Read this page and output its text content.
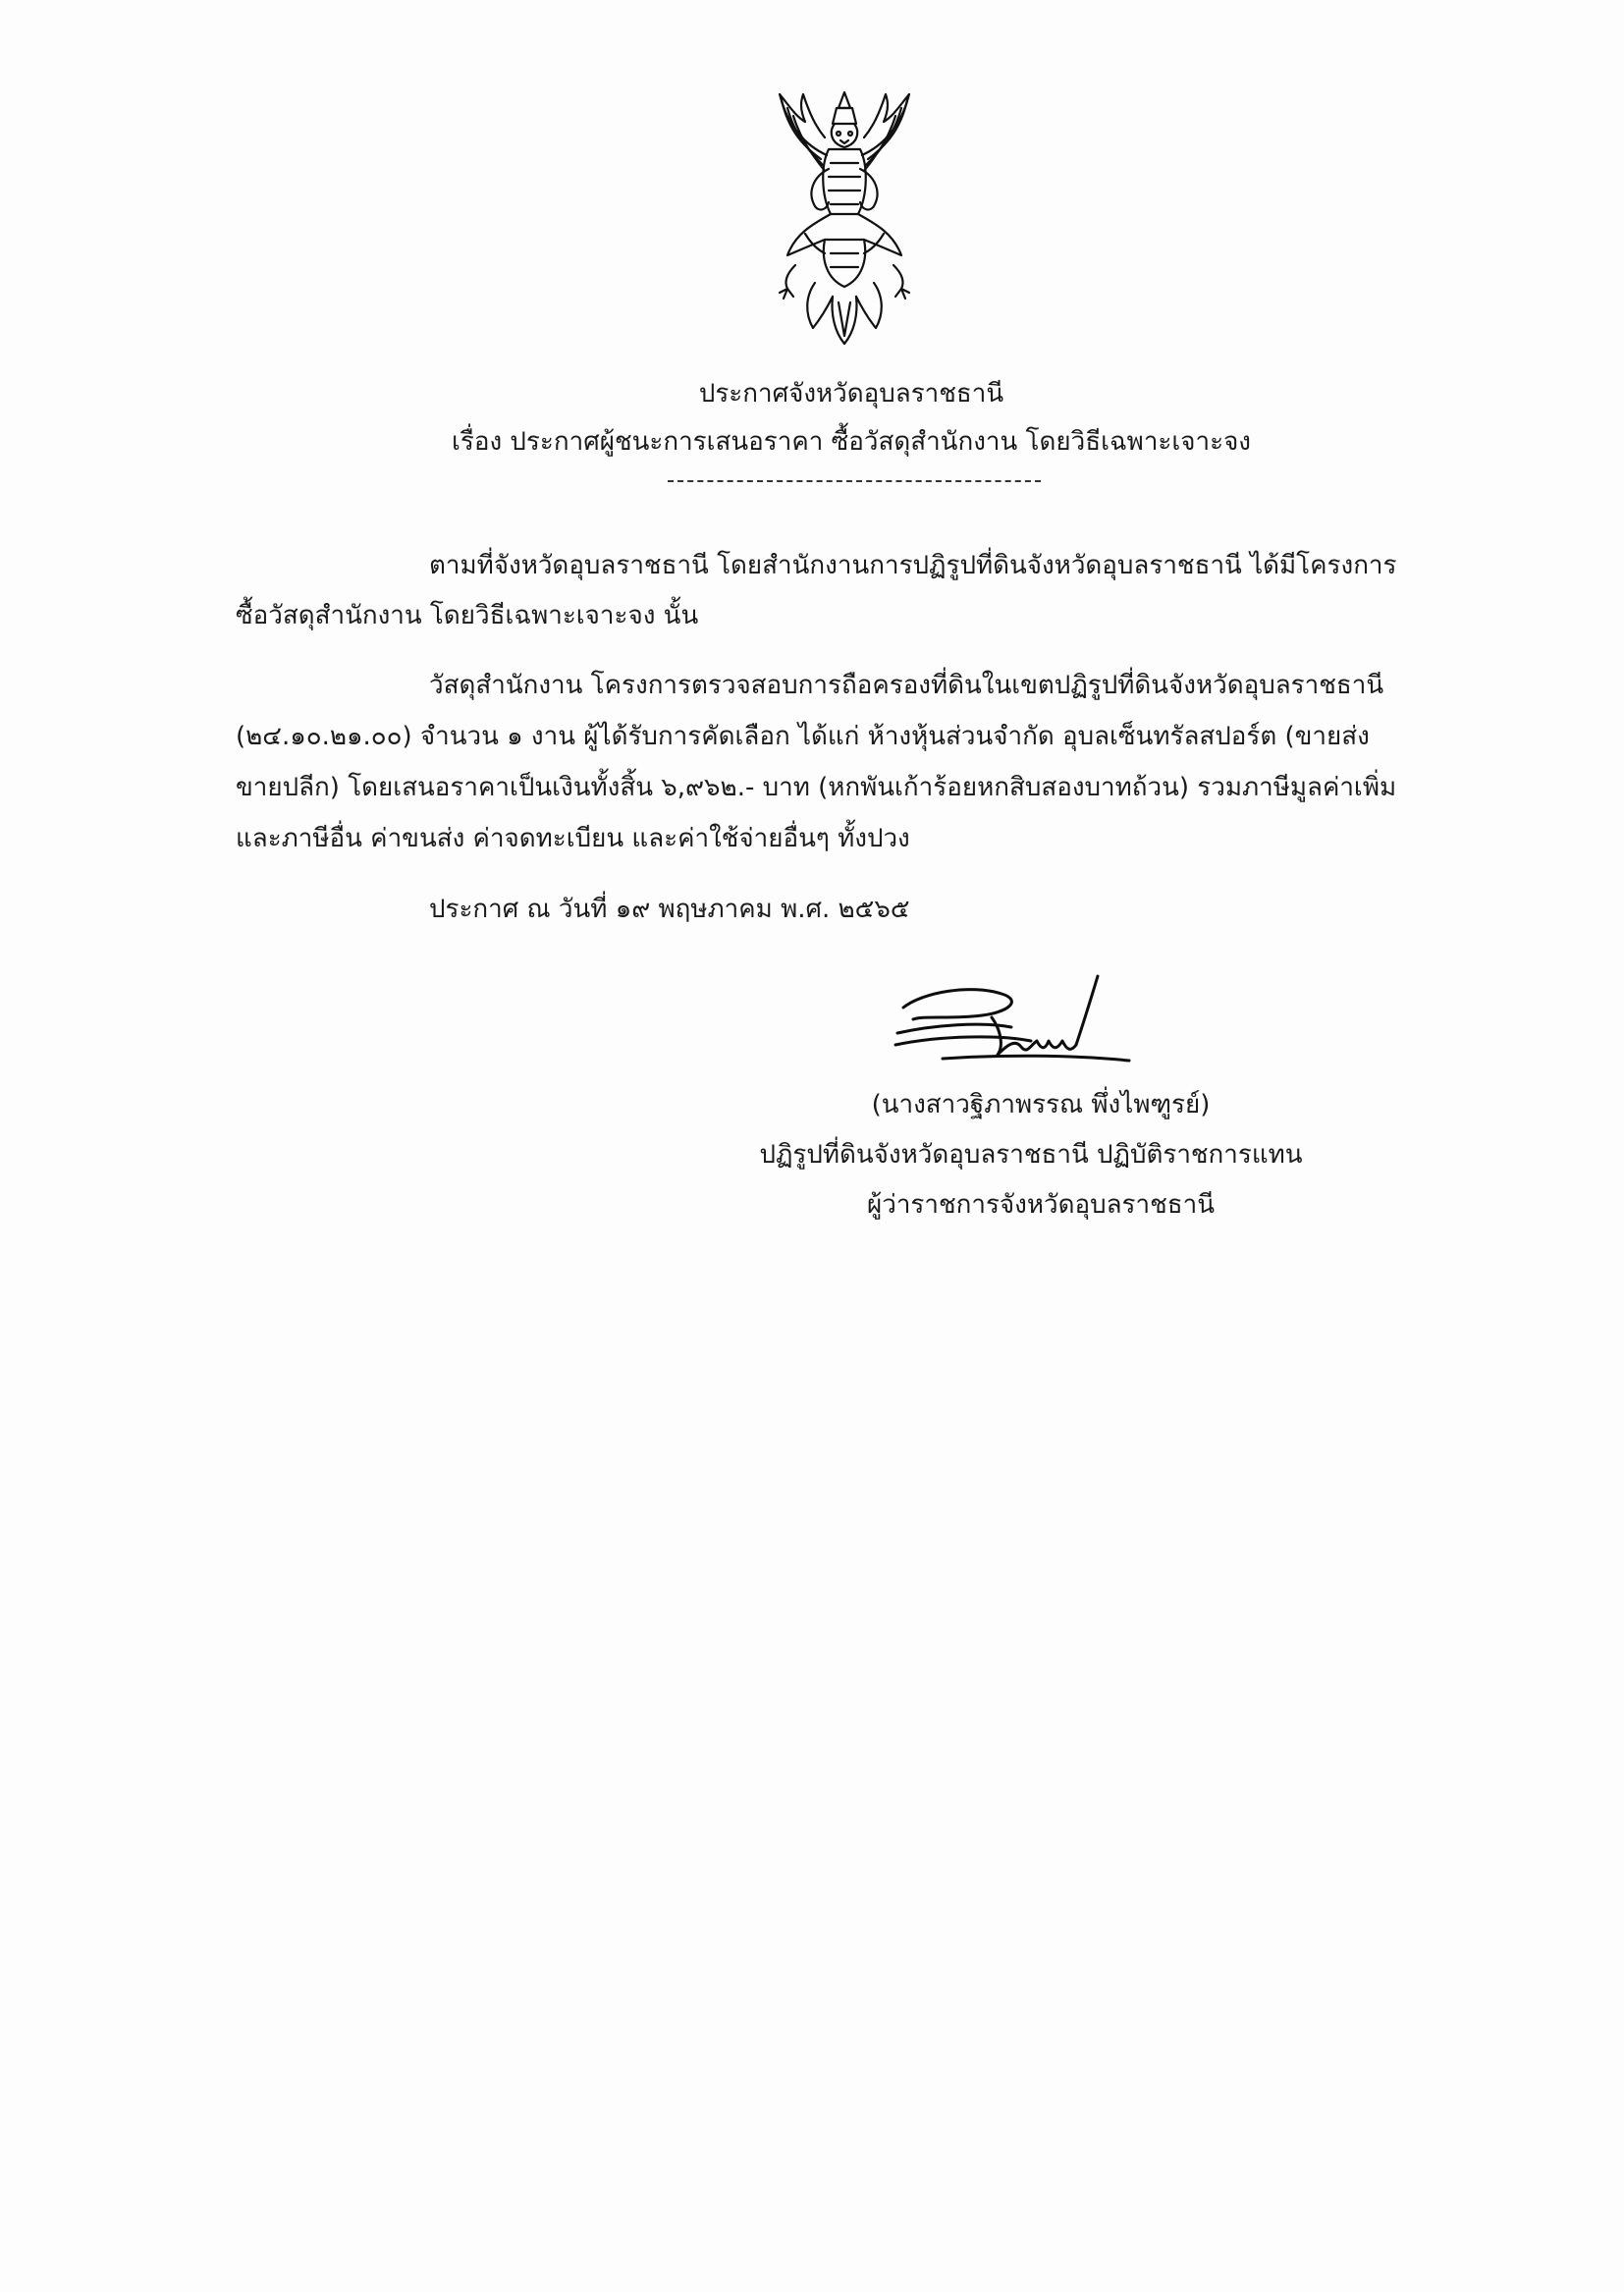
ประกาศจังหวัดอุบลราชธานี
เรื่อง ประกาศผู้ชนะการเสนอราคา ซื้อวัสดุสำนักงาน โดยวิธีเฉพาะเจาะจง
ตามที่จังหวัดอุบลราชธานี โดยสำนักงานการปฏิรูปที่ดินจังหวัดอุบลราชธานี ได้มีโครงการ
ซื้อวัสดุสำนักงาน โดยวิธีเฉพาะเจาะจง นั้น
วัสดุสำนักงาน โครงการตรวจสอบการถือครองที่ดินในเขตปฏิรูปที่ดินจังหวัดอุบลราชธานี
(๒๔.๑๐.๒๑.๐๐) จำนวน ๑ งาน ผู้ได้รับการคัดเลือก ได้แก่ ห้างหุ้นส่วนจำกัด อุบลเซ็นทรัลสปอร์ต (ขายส่ง
ขายปลีก) โดยเสนอราคาเป็นเงินทั้งสิ้น ๖,๙๖๒.- บาท (หกพันเก้าร้อยหกสิบสองบาทถ้วน) รวมภาษีมูลค่าเพิ่ม
และภาษีอื่น ค่าขนส่ง ค่าจดทะเบียน และค่าใช้จ่ายอื่นๆ ทั้งปวง
ประกาศ ณ วันที่ ๑๙ พฤษภาคม พ.ศ. ๒๕๖๕
(นางสาวฐิภาพรรณ พึ่งไพฑูรย์)
ปฏิรูปที่ดินจังหวัดอุบลราชธานี ปฏิบัติราชการแทน
ผู้ว่าราชการจังหวัดอุบลราชธานี
